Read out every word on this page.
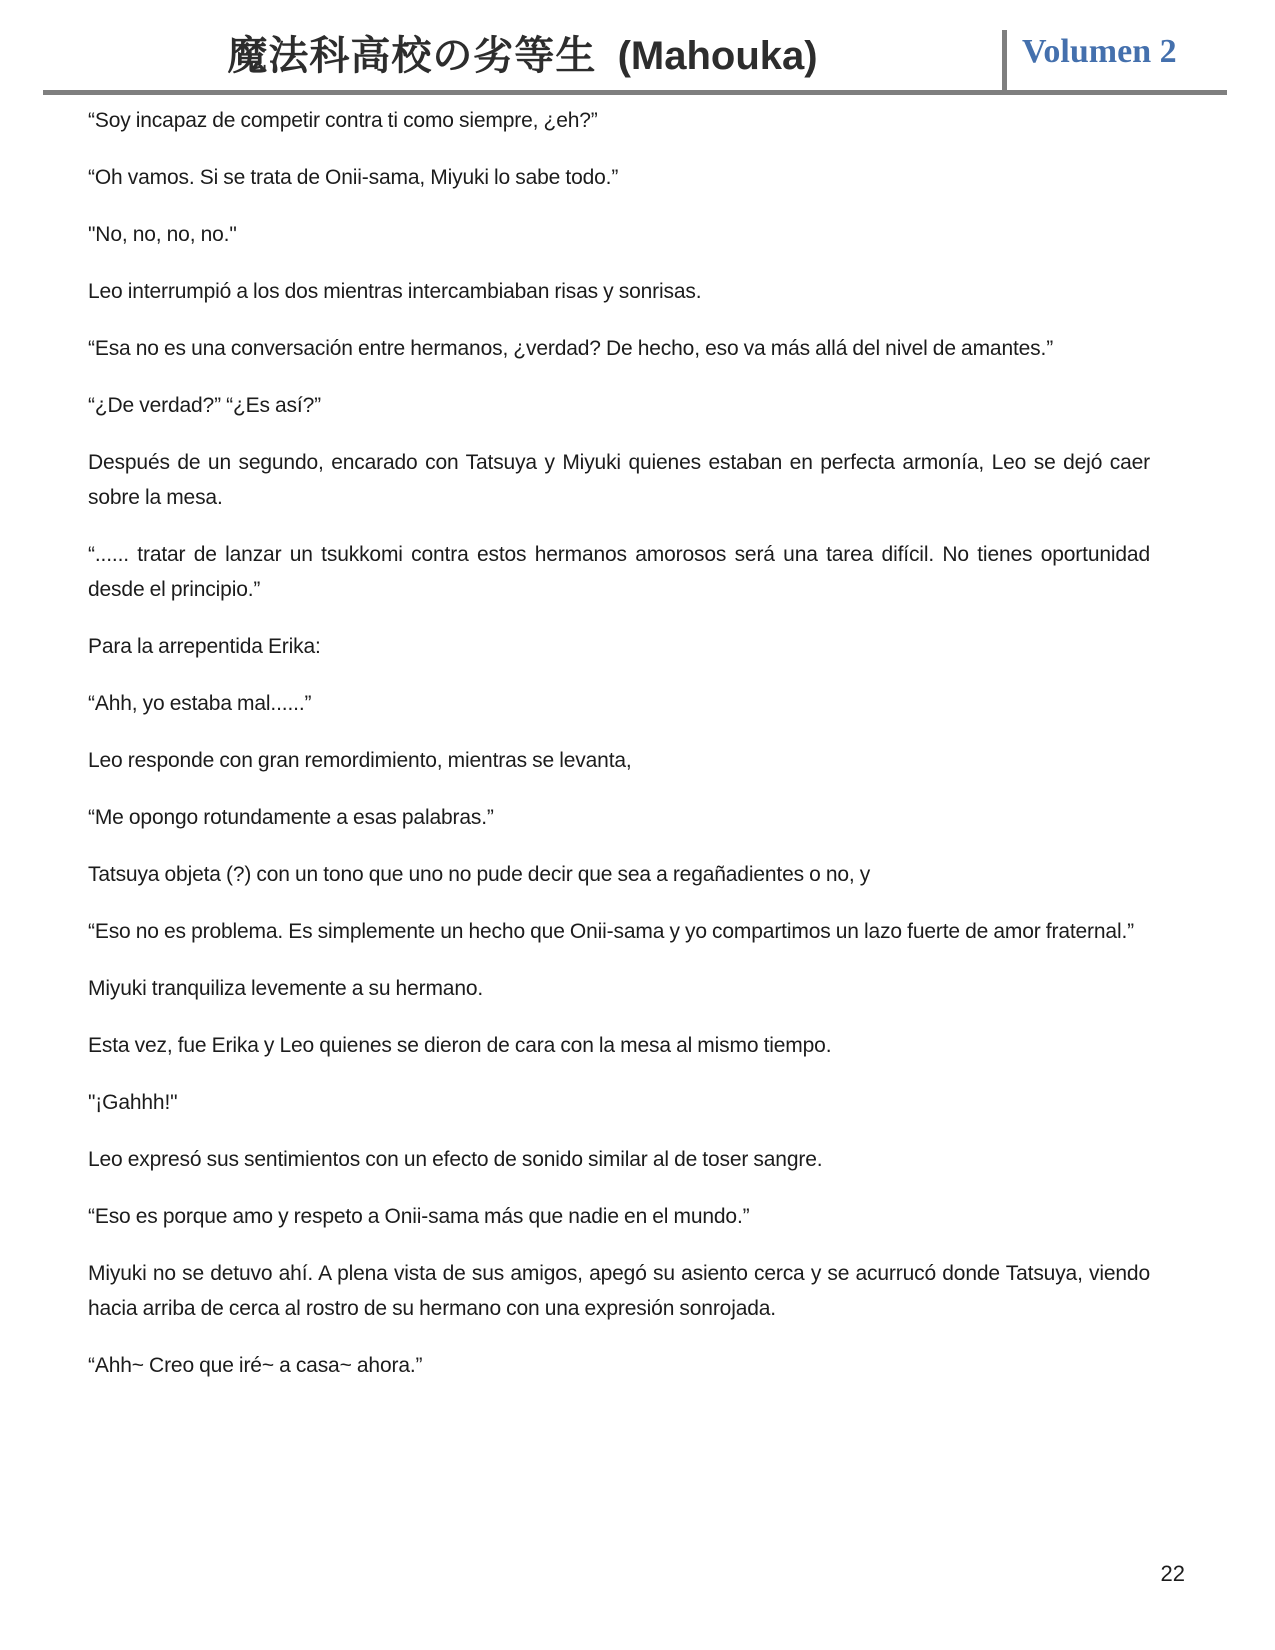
魔法科高校の劣等生 (Mahouka)	Volumen 2

“Soy incapaz de competir contra ti como siempre, ¿eh?”

“Oh vamos. Si se trata de Onii-sama, Miyuki lo sabe todo.”

"No, no, no, no."

Leo interrumpió a los dos mientras intercambiaban risas y sonrisas.

“Esa no es una conversación entre hermanos, ¿verdad? De hecho, eso va más allá del nivel de amantes.”

“¿De verdad?” “¿Es así?”

Después de un segundo, encarado con Tatsuya y Miyuki quienes estaban en perfecta armonía, Leo se dejó caer sobre la mesa.

“...... tratar de lanzar un tsukkomi contra estos hermanos amorosos será una tarea difícil. No tienes oportunidad desde el principio.”

Para la arrepentida Erika:

“Ahh, yo estaba mal......”

Leo responde con gran remordimiento, mientras se levanta,

“Me opongo rotundamente a esas palabras.”

Tatsuya objeta (?) con un tono que uno no pude decir que sea a regañadientes o no, y

“Eso no es problema. Es simplemente un hecho que Onii-sama y yo compartimos un lazo fuerte de amor fraternal.”

Miyuki tranquiliza levemente a su hermano.

Esta vez, fue Erika y Leo quienes se dieron de cara con la mesa al mismo tiempo.

"¡Gahhh!"

Leo expresó sus sentimientos con un efecto de sonido similar al de toser sangre.

“Eso es porque amo y respeto a Onii-sama más que nadie en el mundo.”

Miyuki no se detuvo ahí. A plena vista de sus amigos, apegó su asiento cerca y se acurrucó donde Tatsuya, viendo hacia arriba de cerca al rostro de su hermano con una expresión sonrojada.

“Ahh~ Creo que iré~ a casa~ ahora.”

22
